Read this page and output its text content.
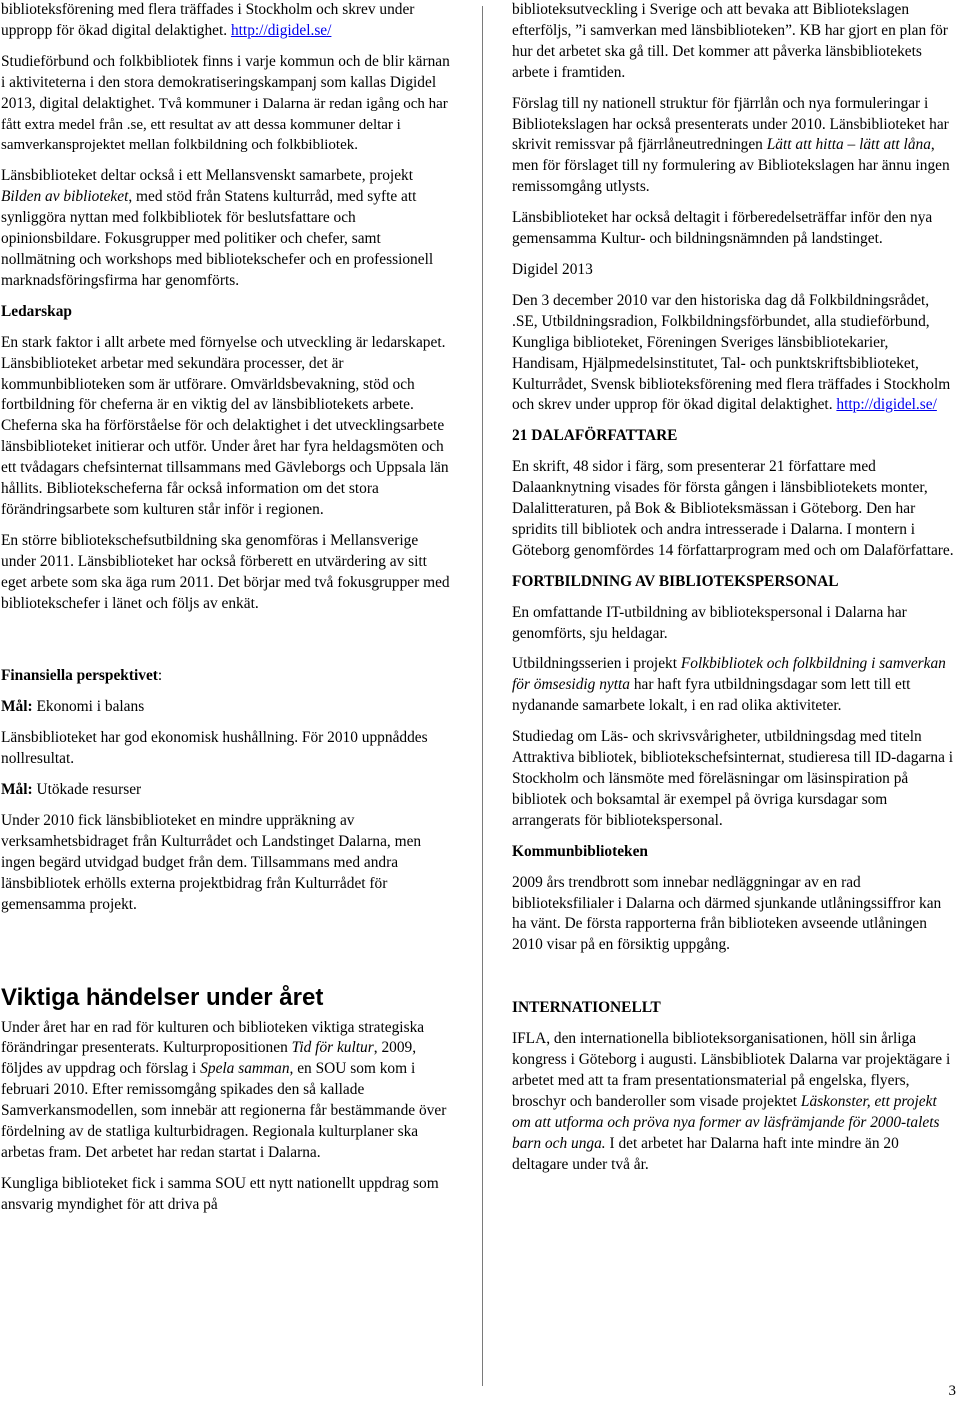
biblioteksförening med flera träffades i Stockholm och skrev under uppropp för ökad digital delaktighet. http://digidel.se/

Studieförbund och folkbibliotek finns i varje kommun och de blir kärnan i aktiviteterna i den stora demokratiseringskampanj som kallas Digidel 2013, digital delaktighet. Två kommuner i Dalarna är redan igång och har fått extra medel från .se, ett resultat av att dessa kommuner deltar i samverkansprojektet mellan folkbildning och folkbibliotek.

Länsbiblioteket deltar också i ett Mellansvenskt samarbete, projekt Bilden av biblioteket, med stöd från Statens kulturråd, med syfte att synliggöra nyttan med folkbibliotek för beslutsfattare och opinionsbildare. Fokusgrupper med politiker och chefer, samt nollmätning och workshops med bibliotekschefer och en professionell marknadsföringsfirma har genomförts.

Ledarskap

En stark faktor i allt arbete med förnyelse och utveckling är ledarskapet. Länsbiblioteket arbetar med sekundära processer, det är kommunbiblioteken som är utförare. Omvärldsbevakning, stöd och fortbildning för cheferna är en viktig del av länsbibliotekets arbete. Cheferna ska ha förförståelse för och delaktighet i det utvecklingsarbete länsbiblioteket initierar och utför. Under året har fyra heldagsmöten och ett tvådagars chefsinternat tillsammans med Gävleborgs och Uppsala län hållits. Bibliotekscheferna får också information om det stora förändringsarbete som kulturen står inför i regionen.

En större bibliotekschefsutbildning ska genomföras i Mellansverige under 2011. Länsbiblioteket har också förberett en utvärdering av sitt eget arbete som ska äga rum 2011. Det börjar med två fokusgrupper med bibliotekschefer i länet och följs av enkät.

Finansiella perspektivet:

Mål: Ekonomi i balans

Länsbiblioteket har god ekonomisk hushållning. För 2010 uppnåddes nollresultat.

Mål: Utökade resurser

Under 2010 fick länsbiblioteket en mindre uppräkning av verksamhetsbidraget från Kulturrådet och Landstinget Dalarna, men ingen begärd utvidgad budget från dem. Tillsammans med andra länsbibliotek erhölls externa projektbidrag från Kulturrådet för gemensamma projekt.

Viktiga händelser under året

Under året har en rad för kulturen och biblioteken viktiga strategiska förändringar presenterats. Kulturpropositionen Tid för kultur, 2009, följdes av uppdrag och förslag i Spela samman, en SOU som kom i februari 2010. Efter remissomgång spikades den så kallade Samverkansmodellen, som innebär att regionerna får bestämmande över fördelning av de statliga kulturbidragen. Regionala kulturplaner ska arbetas fram. Det arbetet har redan startat i Dalarna.

Kungliga biblioteket fick i samma SOU ett nytt nationellt uppdrag som ansvarig myndighet för att driva på

biblioteksutveckling i Sverige och att bevaka att Bibliotekslagen efterföljs, ”i samverkan med länsbiblioteken”. KB har gjort en plan för hur det arbetet ska gå till. Det kommer att påverka länsbibliotekets arbete i framtiden.

Förslag till ny nationell struktur för fjärrlån och nya formuleringar i Bibliotekslagen har också presenterats under 2010. Länsbiblioteket har skrivit remissvar på fjärrlåneutredningen Lätt att hitta – lätt att låna, men för förslaget till ny formulering av Bibliotekslagen har ännu ingen remissomgång utlysts.

Länsbiblioteket har också deltagit i förberedelseträffar inför den nya gemensamma Kultur- och bildningsnämnden på landstinget.

Digidel 2013

Den 3 december 2010 var den historiska dag då Folkbildningsrådet, .SE, Utbildningsradion, Folkbildningsförbundet, alla studieförbund, Kungliga biblioteket, Föreningen Sveriges länsbibliotekarier, Handisam, Hjälpmedelsinstitutet, Tal- och punktskriftsbiblioteket, Kulturrådet, Svensk biblioteksförening med flera träffades i Stockholm och skrev under upprop för ökad digital delaktighet. http://digidel.se/

21 DALAFÖRFATTARE

En skrift, 48 sidor i färg, som presenterar 21 författare med Dalaanknytning visades för första gången i länsbibliotekets monter, Dalalitteraturen, på Bok & Biblioteksmässan i Göteborg. Den har spridits till bibliotek och andra intresserade i Dalarna. I montern i Göteborg genomfördes 14 författarprogram med och om Dalaförfattare.

FORTBILDNING AV BIBLIOTEKSPERSONAL

En omfattande IT-utbildning av bibliotekspersonal i Dalarna har genomförts, sju heldagar.

Utbildningsserien i projekt Folkbibliotek och folkbildning i samverkan för ömsesidig nytta har haft fyra utbildningsdagar som lett till ett nydanande samarbete lokalt, i en rad olika aktiviteter.

Studiedag om Läs- och skrivsvårigheter, utbildningsdag med titeln Attraktiva bibliotek, bibliotekschefsinternat, studieresa till ID-dagarna i Stockholm och länsmöte med föreläsningar om läsinspiration på bibliotek och boksamtal är exempel på övriga kursdagar som arrangerats för bibliotekspersonal.

Kommunbiblioteken

2009 års trendbrott som innebar nedläggningar av en rad biblioteksfilialer i Dalarna och därmed sjunkande utlåningssiffror kan ha vänt. De första rapporterna från biblioteken avseende utlåningen 2010 visar på en försiktig uppgång.

INTERNATIONELLT

IFLA, den internationella biblioteksorganisationen, höll sin årliga kongress i Göteborg i augusti. Länsbibliotek Dalarna var projektägare i arbetet med att ta fram presentationsmaterial på engelska, flyers, broschyr och banderoller som visade projektet Läskonster, ett projekt om att utforma och pröva nya former av läsfrämjande för 2000-talets barn och unga. I det arbetet har Dalarna haft inte mindre än 20 deltagare under två år.

3
